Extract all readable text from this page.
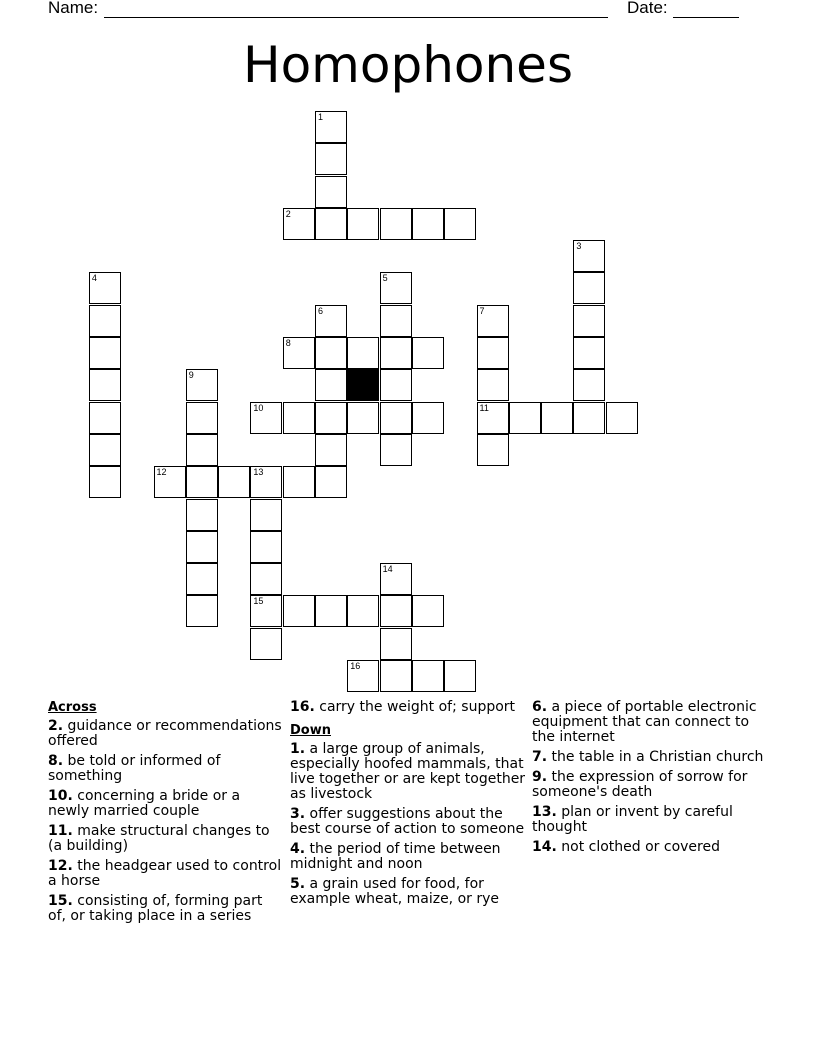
Name:	Date:
Homophones
1
2
3
4	5
6	7
11
8
9
10
12	13
15
14
16
Across
2. guidance or recommendations offered
8. be told or informed of something
10. concerning a bride or a newly married couple
11. make structural changes to (a building)
12. the headgear used to control a horse
15. consisting of, forming part of, or taking place in a series
16. carry the weight of; support
Down
1. a large group of animals, especially hoofed mammals, that live together or are kept together as livestock
3. offer suggestions about the best course of action to someone
4. the period of time between midnight and noon
5. a grain used for food, for example wheat, maize, or rye
6. a piece of portable electronic equipment that can connect to the internet
7. the table in a Christian church
9. the expression of sorrow for someone's death
13. plan or invent by careful thought
14. not clothed or covered
